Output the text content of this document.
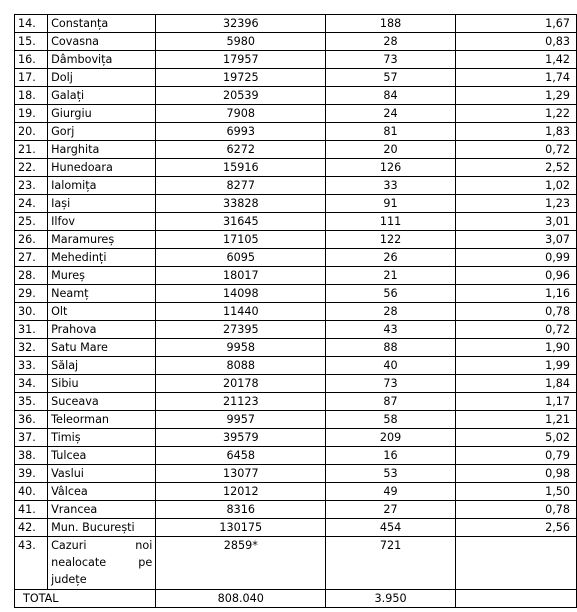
14.	Constanța	32396	188	1,67
15.	Covasna	5980	28	0,83
16.	Dâmbovița	17957	73	1,42
17.	Dolj	19725	57	1,74
18.	Galați	20539	84	1,29
19.	Giurgiu	7908	24	1,22
20.	Gorj	6993	81	1,83
21.	Harghita	6272	20	0,72
22.	Hunedoara	15916	126	2,52
23.	Ialomița	8277	33	1,02
24.	Iași	33828	91	1,23
25.	Ilfov	31645	111	3,01
26.	Maramureș	17105	122	3,07
27.	Mehedinți	6095	26	0,99
28.	Mureș	18017	21	0,96
29.	Neamț	14098	56	1,16
30.	Olt	11440	28	0,78
31.	Prahova	27395	43	0,72
32.	Satu Mare	9958	88	1,90
33.	Sălaj	8088	40	1,99
34.	Sibiu	20178	73	1,84
35.	Suceava	21123	87	1,17
36.	Teleorman	9957	58	1,21
37.	Timiș	39579	209	5,02
38.	Tulcea	6458	16	0,79
39.	Vaslui	13077	53	0,98
40.	Vâlcea	12012	49	1,50
41.	Vrancea	8316	27	0,78
42.	Mun. București	130175	454	2,56
43.	Cazuri noi nealocate pe județe	2859*	721	
TOTAL		808.040	3.950	
